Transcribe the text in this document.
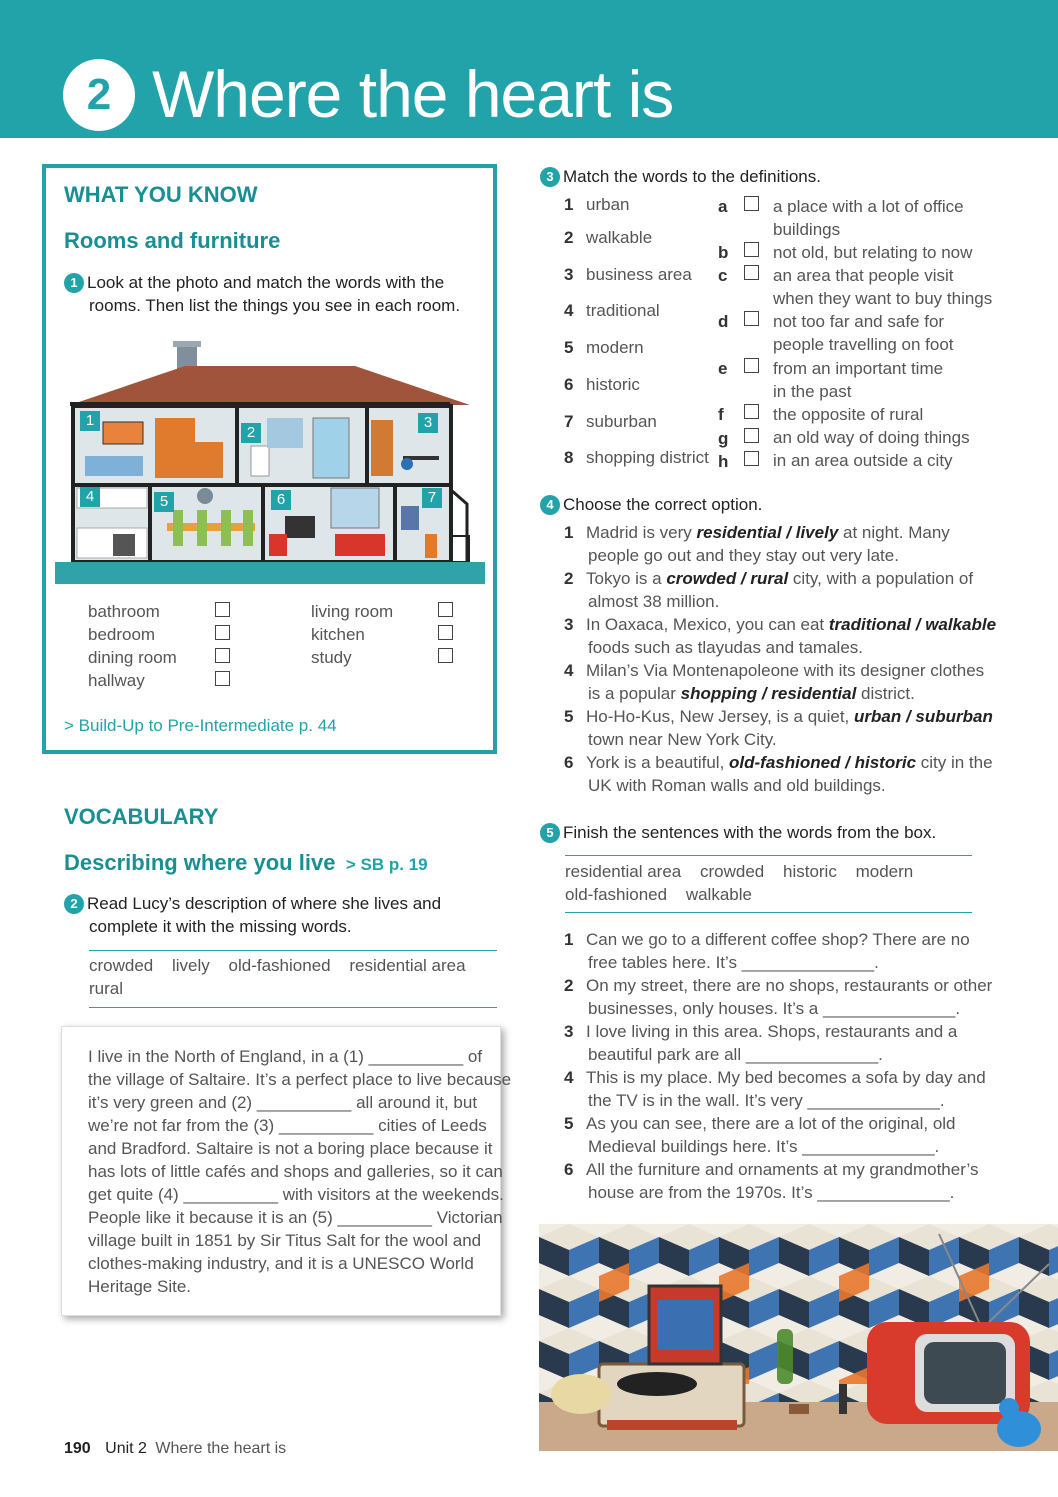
2 Where the heart is
WHAT YOU KNOW
Rooms and furniture
1 Look at the photo and match the words with the
rooms. Then list the things you see in each room.
1
2
3
4	5	6	7
bathroom
bedroom
dining room
hallway
living room
kitchen
study
> Build-Up to Pre-Intermediate p. 44
VOCABULARY
Describing where you live > SB p. 19
2 Read Lucy’s description of where she lives and
complete it with the missing words.
crowded lively old-fashioned residential area
rural
I live in the North of England, in a (1) __________ of
the village of Saltaire. It’s a perfect place to live because
it’s very green and (2) __________ all around it, but
we’re not far from the (3) __________ cities of Leeds
and Bradford. Saltaire is not a boring place because it
has lots of little cafés and shops and galleries, so it can
get quite (4) __________ with visitors at the weekends.
People like it because it is an (5) __________ Victorian
village built in 1851 by Sir Titus Salt for the wool and
clothes-making industry, and it is a UNESCO World
Heritage Site.
3 Match the words to the definitions.
1 urban
2 walkable
3 business area
4 traditional
5 modern
6 historic
7 suburban
8 shopping district
a	a place with a lot of office
buildings
b	not old, but relating to now
c	an area that people visit
when they want to buy things
d	not too far and safe for
people travelling on foot
e	from an important time
in the past
f	the opposite of rural
g	an old way of doing things
h	in an area outside a city
4 Choose the correct option.
1 Madrid is very residential / lively at night. Many
people go out and they stay out very late.
2 Tokyo is a crowded / rural city, with a population of
almost 38 million.
3 In Oaxaca, Mexico, you can eat traditional / walkable
foods such as tlayudas and tamales.
4 Milan’s Via Montenapoleone with its designer clothes
is a popular shopping / residential district.
5 Ho-Ho-Kus, New Jersey, is a quiet, urban / suburban
town near New York City.
6 York is a beautiful, old-fashioned / historic city in the
UK with Roman walls and old buildings.
5 Finish the sentences with the words from the box.
residential area crowded historic modern
old-fashioned walkable
1 Can we go to a different coffee shop? There are no
free tables here. It’s ______________.
2 On my street, there are no shops, restaurants or other
businesses, only houses. It’s a ______________.
3 I love living in this area. Shops, restaurants and a
beautiful park are all ______________.
4 This is my place. My bed becomes a sofa by day and
the TV is in the wall. It’s very ______________.
5 As you can see, there are a lot of the original, old
Medieval buildings here. It’s ______________.
6 All the furniture and ornaments at my grandmother’s
house are from the 1970s. It’s ______________.
190 Unit 2 Where the heart is
